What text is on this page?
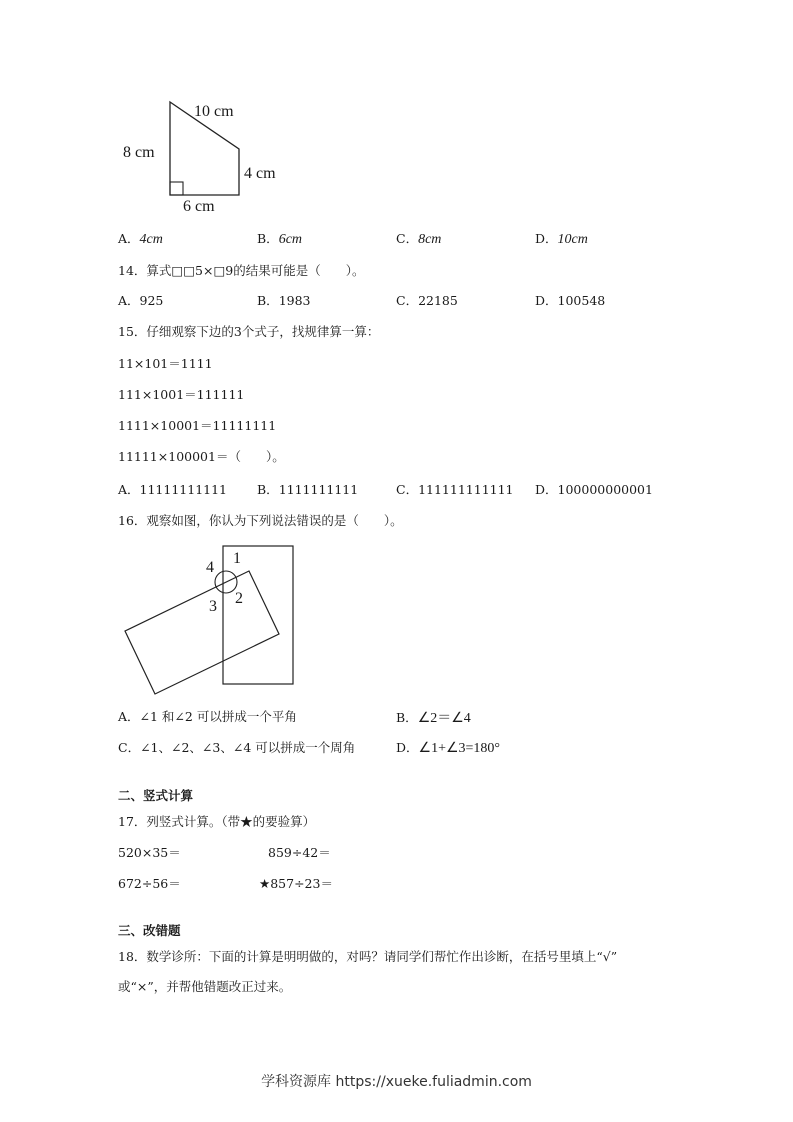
10 cm
8 cm
4 cm
6 cm
A．4cm	B．6cm	C．8cm	D．10cm
14．算式□□5×□9的结果可能是（　　）。
A．925	B．1983	C．22185	D．100548
15．仔细观察下边的3个式子，找规律算一算：
11×101＝1111
111×1001＝111111
1111×10001＝11111111
11111×100001＝（　　）。
A．11111111111 B．1111111111	C．111111111111 D．100000000001
16．观察如图，你认为下列说法错误的是（　　）。
1
2
3
4
A．∠1 和∠2 可以拼成一个平角	B．∠2＝∠4
C．∠1、∠2、∠3、∠4 可以拼成一个周角	D．∠1+∠3=180°
二、竖式计算
17．列竖式计算。（带★的要验算）
520×35＝	859÷42＝
672÷56＝	★857÷23＝
三、改错题
18．数学诊所：下面的计算是明明做的，对吗？请同学们帮忙作出诊断，在括号里填上“√”
或“×”，并帮他错题改正过来。
学科资源库 https://xueke.fuliadmin.com
